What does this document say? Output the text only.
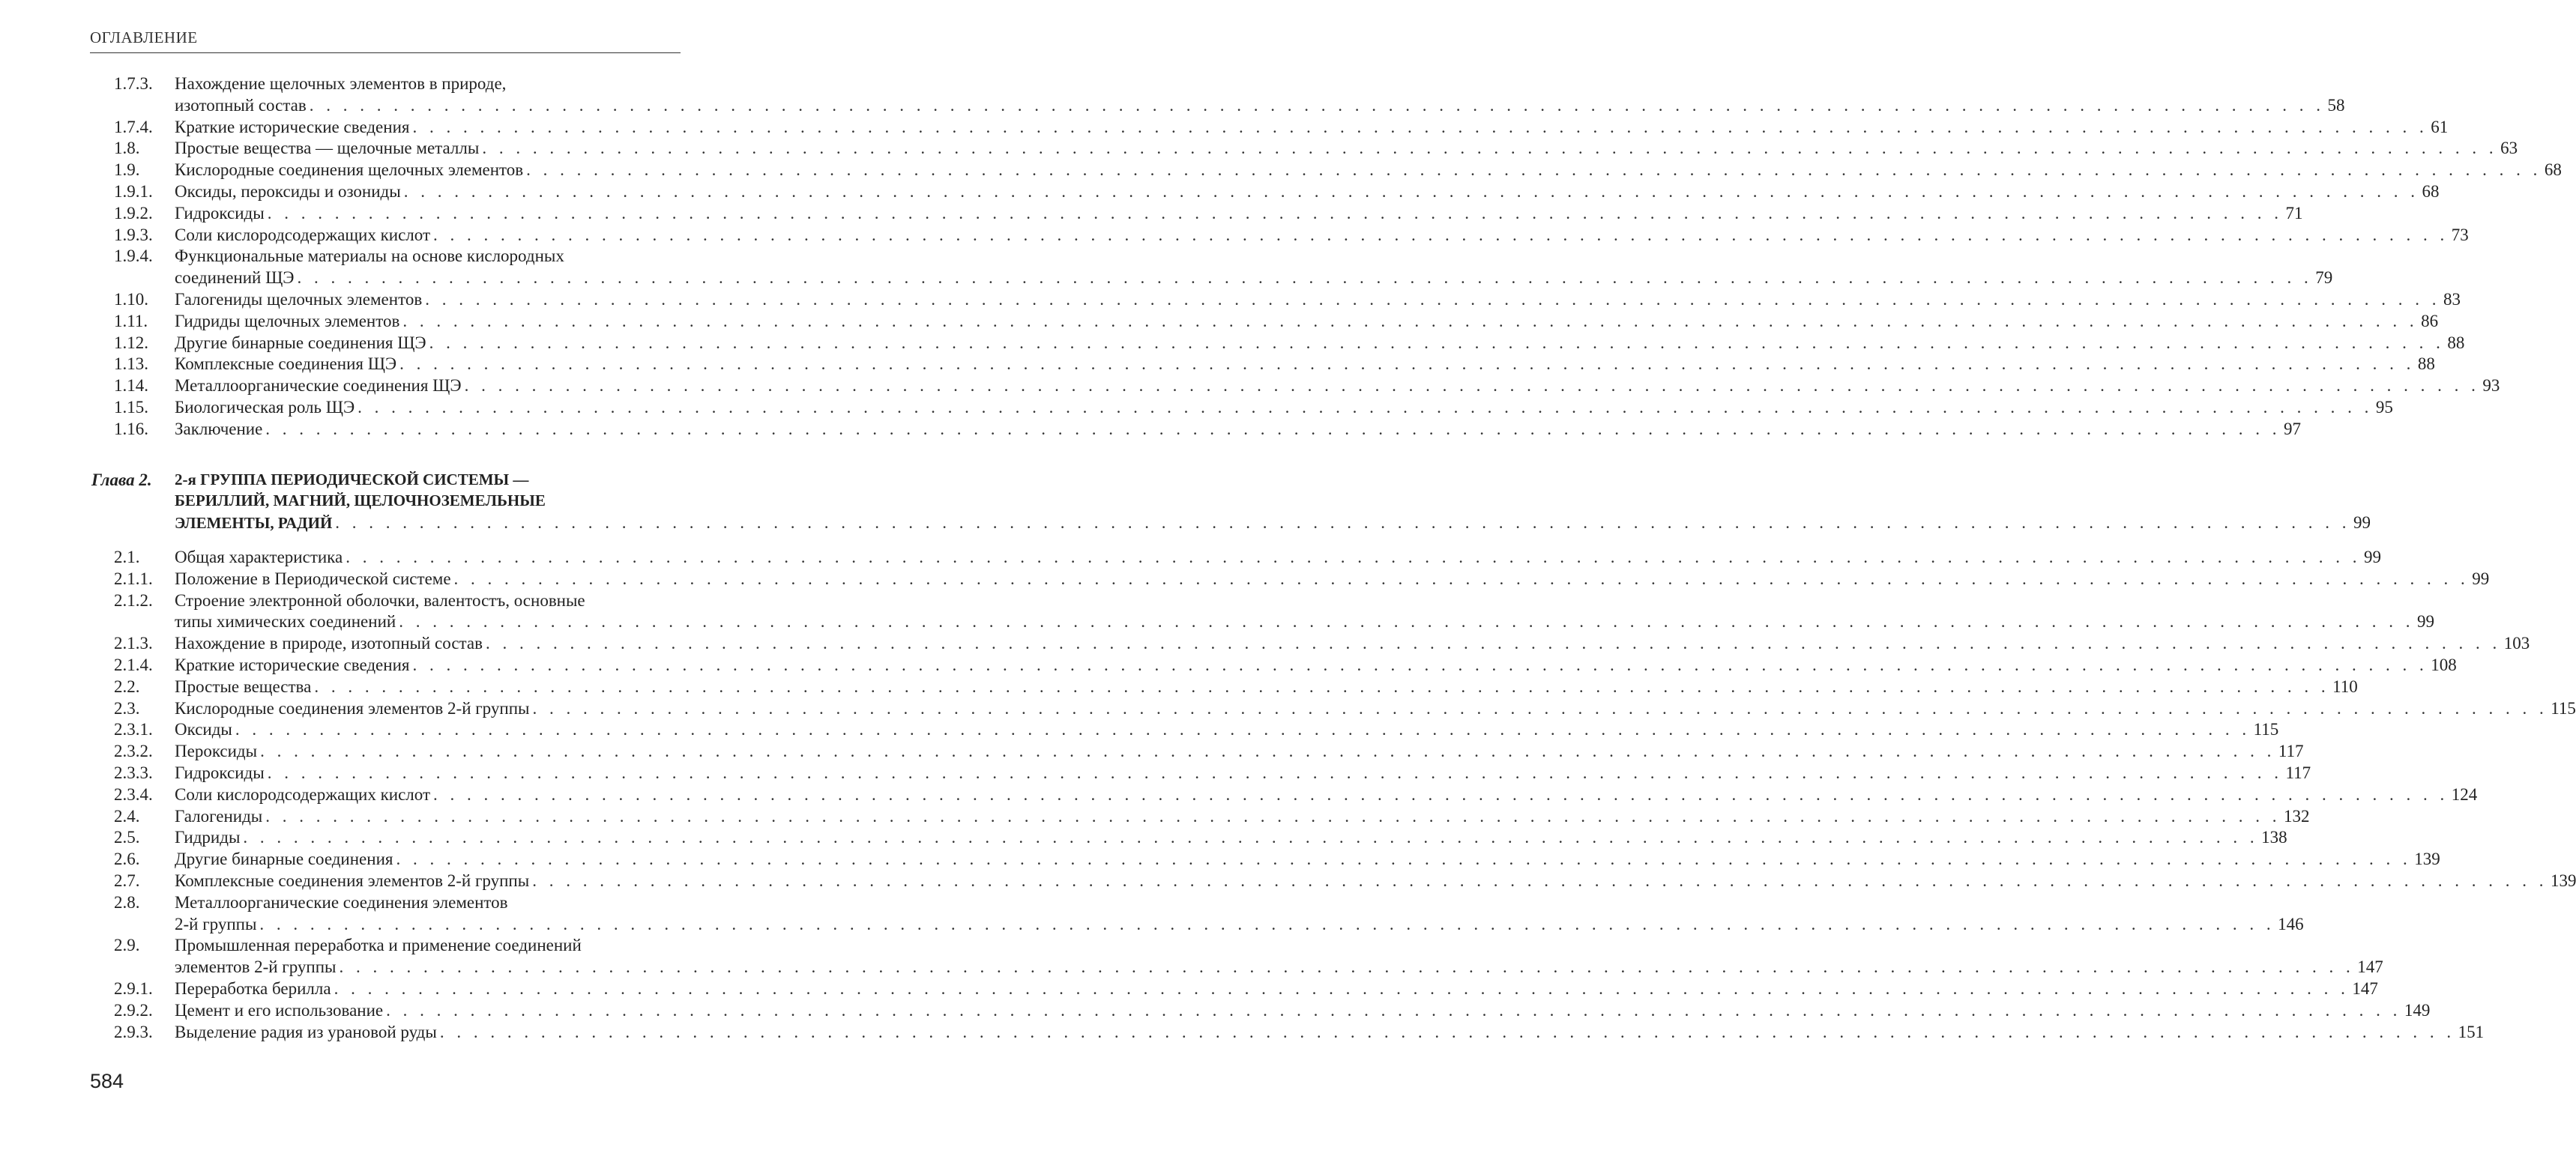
ОГЛАВЛЕНИЕ
1.7.3. Нахождение щелочных элементов в природе,
изотопный состав . . . . . . . . . . . . . . . . . . . . . . . . . . . . . . . . . . . . . . . . . . . . . . . . . . . . . . . . . . . . . . . . . . . . . . . . . . . . . . . . . . . . . . . . . . . . . . . . . . . . . . . . . . . . . . . . . . . . . . . . 58
1.7.4. Краткие исторические сведения . . . . . . . . . . . . . . . . . . . . . . . . . . . . . . . . . . . . . . . . . . . . . . . . . . . . . . . . . . . . . . . . . . . . . . . . . . . . . . . . . . . . . . . . . . . . . . . . . . . . . . . . . . . . . . . . . . . . . . . . 61
1.8. Простые вещества — щелочные металлы . . . . . . . . . . . . . . . . . . . . . . . . . . . . . . . . . . . . . . . . . . . . . . . . . . . . . . . . . . . . . . . . . . . . . . . . . . . . . . . . . . . . . . . . . . . . . . . . . . . . . . . . . . . . . . . . . . . . . . . . 63
1.9. Кислородные соединения щелочных элементов . . . . . . . . . . . . . . . . . . . . . . . . . . . . . . . . . . . . . . . . . . . . . . . . . . . . . . . . . . . . . . . . . . . . . . . . . . . . . . . . . . . . . . . . . . . . . . . . . . . . . . . . . . . . . . . . . . . . . . . . 68
1.9.1. Оксиды, пероксиды и озониды . . . . . . . . . . . . . . . . . . . . . . . . . . . . . . . . . . . . . . . . . . . . . . . . . . . . . . . . . . . . . . . . . . . . . . . . . . . . . . . . . . . . . . . . . . . . . . . . . . . . . . . . . . . . . . . . . . . . . . . . 68
1.9.2. Гидроксиды . . . . . . . . . . . . . . . . . . . . . . . . . . . . . . . . . . . . . . . . . . . . . . . . . . . . . . . . . . . . . . . . . . . . . . . . . . . . . . . . . . . . . . . . . . . . . . . . . . . . . . . . . . . . . . . . . . . . . . . . 71
1.9.3. Соли кислородсодержащих кислот . . . . . . . . . . . . . . . . . . . . . . . . . . . . . . . . . . . . . . . . . . . . . . . . . . . . . . . . . . . . . . . . . . . . . . . . . . . . . . . . . . . . . . . . . . . . . . . . . . . . . . . . . . . . . . . . . . . . . . . . 73
1.9.4. Функциональные материалы на основе кислородных
соединений ЩЭ . . . . . . . . . . . . . . . . . . . . . . . . . . . . . . . . . . . . . . . . . . . . . . . . . . . . . . . . . . . . . . . . . . . . . . . . . . . . . . . . . . . . . . . . . . . . . . . . . . . . . . . . . . . . . . . . . . . . . . . . 79
1.10. Галогениды щелочных элементов . . . . . . . . . . . . . . . . . . . . . . . . . . . . . . . . . . . . . . . . . . . . . . . . . . . . . . . . . . . . . . . . . . . . . . . . . . . . . . . . . . . . . . . . . . . . . . . . . . . . . . . . . . . . . . . . . . . . . . . . 83
1.11. Гидриды щелочных элементов . . . . . . . . . . . . . . . . . . . . . . . . . . . . . . . . . . . . . . . . . . . . . . . . . . . . . . . . . . . . . . . . . . . . . . . . . . . . . . . . . . . . . . . . . . . . . . . . . . . . . . . . . . . . . . . . . . . . . . . . 86
1.12. Другие бинарные соединения ЩЭ . . . . . . . . . . . . . . . . . . . . . . . . . . . . . . . . . . . . . . . . . . . . . . . . . . . . . . . . . . . . . . . . . . . . . . . . . . . . . . . . . . . . . . . . . . . . . . . . . . . . . . . . . . . . . . . . . . . . . . . . 88
1.13. Комплексные соединения ЩЭ . . . . . . . . . . . . . . . . . . . . . . . . . . . . . . . . . . . . . . . . . . . . . . . . . . . . . . . . . . . . . . . . . . . . . . . . . . . . . . . . . . . . . . . . . . . . . . . . . . . . . . . . . . . . . . . . . . . . . . . . 88
1.14. Металлоорганические соединения ЩЭ . . . . . . . . . . . . . . . . . . . . . . . . . . . . . . . . . . . . . . . . . . . . . . . . . . . . . . . . . . . . . . . . . . . . . . . . . . . . . . . . . . . . . . . . . . . . . . . . . . . . . . . . . . . . . . . . . . . . . . . . 93
1.15. Биологическая роль ЩЭ . . . . . . . . . . . . . . . . . . . . . . . . . . . . . . . . . . . . . . . . . . . . . . . . . . . . . . . . . . . . . . . . . . . . . . . . . . . . . . . . . . . . . . . . . . . . . . . . . . . . . . . . . . . . . . . . . . . . . . . . 95
1.16. Заключение . . . . . . . . . . . . . . . . . . . . . . . . . . . . . . . . . . . . . . . . . . . . . . . . . . . . . . . . . . . . . . . . . . . . . . . . . . . . . . . . . . . . . . . . . . . . . . . . . . . . . . . . . . . . . . . . . . . . . . . . 97
Глава 2. 2-я ГРУППА ПЕРИОДИЧЕСКОЙ СИСТЕМЫ —
БЕРИЛЛИЙ, МАГНИЙ, ЩЕЛОЧНОЗЕМЕЛЬНЫЕ
ЭЛЕМЕНТЫ, РАДИЙ . . . . . . . . . . . . . . . . . . . . . . . . . . . . . . . . . . . . . . . . . . . . . . . . . . . . . . . . . . . . . . . . . . . . . . . . . . . . . . . . . . . . . . . . . . . . . . . . . . . . . . . . . . . . . . . . . . . . . . . . 99
2.1. Общая характеристика . . . . . . . . . . . . . . . . . . . . . . . . . . . . . . . . . . . . . . . . . . . . . . . . . . . . . . . . . . . . . . . . . . . . . . . . . . . . . . . . . . . . . . . . . . . . . . . . . . . . . . . . . . . . . . . . . . . . . . . . 99
2.1.1. Положение в Периодической системе . . . . . . . . . . . . . . . . . . . . . . . . . . . . . . . . . . . . . . . . . . . . . . . . . . . . . . . . . . . . . . . . . . . . . . . . . . . . . . . . . . . . . . . . . . . . . . . . . . . . . . . . . . . . . . . . . . . . . . . . 99
2.1.2. Строение электронной оболочки, валентостъ, основные
типы химических соединений . . . . . . . . . . . . . . . . . . . . . . . . . . . . . . . . . . . . . . . . . . . . . . . . . . . . . . . . . . . . . . . . . . . . . . . . . . . . . . . . . . . . . . . . . . . . . . . . . . . . . . . . . . . . . . . . . . . . . . . . 99
2.1.3. Нахождение в природе, изотопный состав . . . . . . . . . . . . . . . . . . . . . . . . . . . . . . . . . . . . . . . . . . . . . . . . . . . . . . . . . . . . . . . . . . . . . . . . . . . . . . . . . . . . . . . . . . . . . . . . . . . . . . . . . . . . . . . . . . . . . . . . 103
2.1.4. Краткие исторические сведения . . . . . . . . . . . . . . . . . . . . . . . . . . . . . . . . . . . . . . . . . . . . . . . . . . . . . . . . . . . . . . . . . . . . . . . . . . . . . . . . . . . . . . . . . . . . . . . . . . . . . . . . . . . . . . . . . . . . . . . . 108
2.2. Простые вещества . . . . . . . . . . . . . . . . . . . . . . . . . . . . . . . . . . . . . . . . . . . . . . . . . . . . . . . . . . . . . . . . . . . . . . . . . . . . . . . . . . . . . . . . . . . . . . . . . . . . . . . . . . . . . . . . . . . . . . . . 110
2.3. Кислородные соединения элементов 2-й группы . . . . . . . . . . . . . . . . . . . . . . . . . . . . . . . . . . . . . . . . . . . . . . . . . . . . . . . . . . . . . . . . . . . . . . . . . . . . . . . . . . . . . . . . . . . . . . . . . . . . . . . . . . . . . . . . . . . . . . . . 115
2.3.1. Оксиды . . . . . . . . . . . . . . . . . . . . . . . . . . . . . . . . . . . . . . . . . . . . . . . . . . . . . . . . . . . . . . . . . . . . . . . . . . . . . . . . . . . . . . . . . . . . . . . . . . . . . . . . . . . . . . . . . . . . . . . . 115
2.3.2. Пероксиды . . . . . . . . . . . . . . . . . . . . . . . . . . . . . . . . . . . . . . . . . . . . . . . . . . . . . . . . . . . . . . . . . . . . . . . . . . . . . . . . . . . . . . . . . . . . . . . . . . . . . . . . . . . . . . . . . . . . . . . . 117
2.3.3. Гидроксиды . . . . . . . . . . . . . . . . . . . . . . . . . . . . . . . . . . . . . . . . . . . . . . . . . . . . . . . . . . . . . . . . . . . . . . . . . . . . . . . . . . . . . . . . . . . . . . . . . . . . . . . . . . . . . . . . . . . . . . . . 117
2.3.4. Соли кислородсодержащих кислот . . . . . . . . . . . . . . . . . . . . . . . . . . . . . . . . . . . . . . . . . . . . . . . . . . . . . . . . . . . . . . . . . . . . . . . . . . . . . . . . . . . . . . . . . . . . . . . . . . . . . . . . . . . . . . . . . . . . . . . . 124
2.4. Галогениды . . . . . . . . . . . . . . . . . . . . . . . . . . . . . . . . . . . . . . . . . . . . . . . . . . . . . . . . . . . . . . . . . . . . . . . . . . . . . . . . . . . . . . . . . . . . . . . . . . . . . . . . . . . . . . . . . . . . . . . . 132
2.5. Гидриды . . . . . . . . . . . . . . . . . . . . . . . . . . . . . . . . . . . . . . . . . . . . . . . . . . . . . . . . . . . . . . . . . . . . . . . . . . . . . . . . . . . . . . . . . . . . . . . . . . . . . . . . . . . . . . . . . . . . . . . . 138
2.6. Другие бинарные соединения . . . . . . . . . . . . . . . . . . . . . . . . . . . . . . . . . . . . . . . . . . . . . . . . . . . . . . . . . . . . . . . . . . . . . . . . . . . . . . . . . . . . . . . . . . . . . . . . . . . . . . . . . . . . . . . . . . . . . . . . 139
2.7. Комплексные соединения элементов 2-й группы . . . . . . . . . . . . . . . . . . . . . . . . . . . . . . . . . . . . . . . . . . . . . . . . . . . . . . . . . . . . . . . . . . . . . . . . . . . . . . . . . . . . . . . . . . . . . . . . . . . . . . . . . . . . . . . . . . . . . . . . 139
2.8. Металлоорганические соединения элементов
2-й группы . . . . . . . . . . . . . . . . . . . . . . . . . . . . . . . . . . . . . . . . . . . . . . . . . . . . . . . . . . . . . . . . . . . . . . . . . . . . . . . . . . . . . . . . . . . . . . . . . . . . . . . . . . . . . . . . . . . . . . . . 146
2.9. Промышленная переработка и применение соединений
элементов 2-й группы . . . . . . . . . . . . . . . . . . . . . . . . . . . . . . . . . . . . . . . . . . . . . . . . . . . . . . . . . . . . . . . . . . . . . . . . . . . . . . . . . . . . . . . . . . . . . . . . . . . . . . . . . . . . . . . . . . . . . . . . 147
2.9.1. Переработка берилла . . . . . . . . . . . . . . . . . . . . . . . . . . . . . . . . . . . . . . . . . . . . . . . . . . . . . . . . . . . . . . . . . . . . . . . . . . . . . . . . . . . . . . . . . . . . . . . . . . . . . . . . . . . . . . . . . . . . . . . . 147
2.9.2. Цемент и его использование . . . . . . . . . . . . . . . . . . . . . . . . . . . . . . . . . . . . . . . . . . . . . . . . . . . . . . . . . . . . . . . . . . . . . . . . . . . . . . . . . . . . . . . . . . . . . . . . . . . . . . . . . . . . . . . . . . . . . . . . 149
2.9.3. Выделение радия из урановой руды . . . . . . . . . . . . . . . . . . . . . . . . . . . . . . . . . . . . . . . . . . . . . . . . . . . . . . . . . . . . . . . . . . . . . . . . . . . . . . . . . . . . . . . . . . . . . . . . . . . . . . . . . . . . . . . . . . . . . . . . 151
584
